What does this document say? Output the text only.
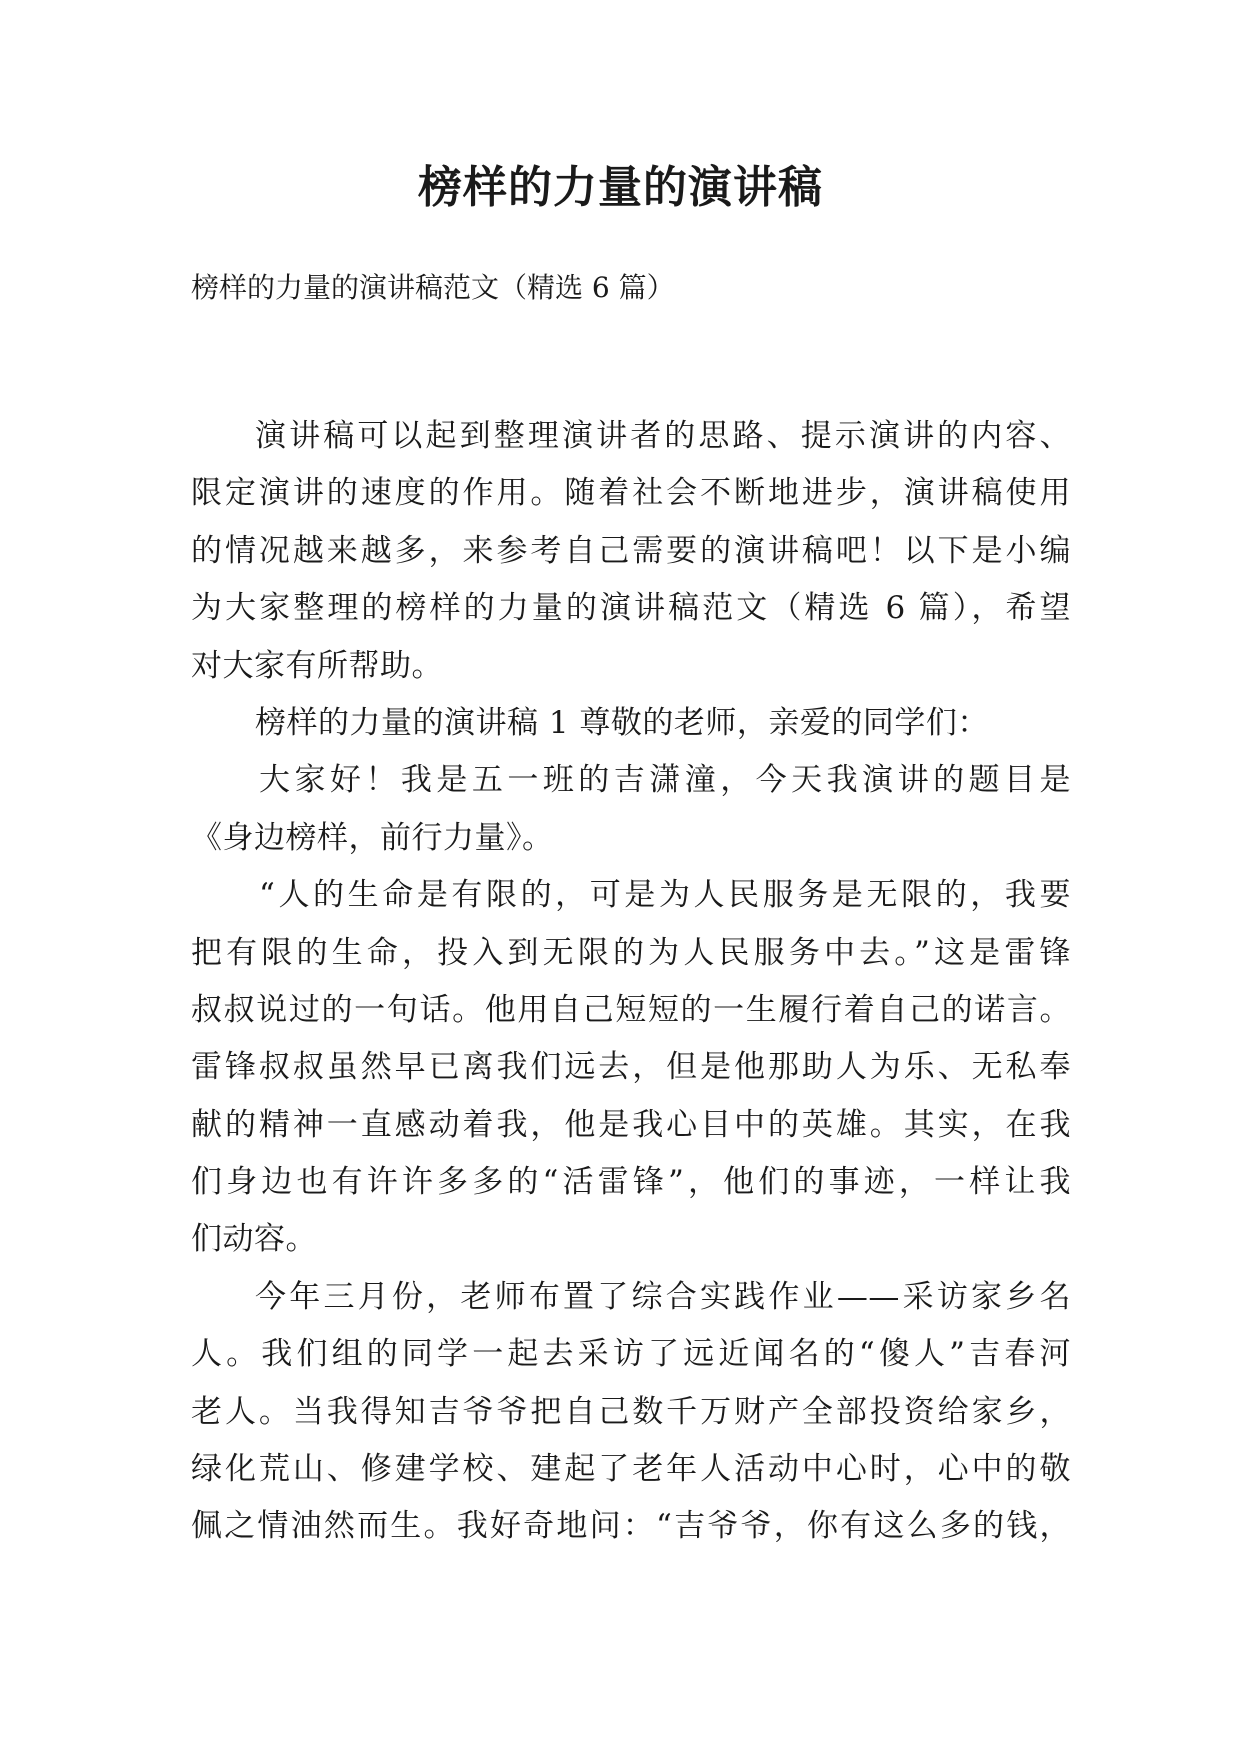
榜样的力量的演讲稿
榜样的力量的演讲稿范文（精选 6 篇）
演讲稿可以起到整理演讲者的思路、提示演讲的内容、
限定演讲的速度的作用。随着社会不断地进步，演讲稿使用
的情况越来越多，来参考自己需要的演讲稿吧！以下是小编
为大家整理的榜样的力量的演讲稿范文（精选 6 篇），希望
对大家有所帮助。
榜样的力量的演讲稿 1 尊敬的老师，亲爱的同学们：
大家好！我是五一班的吉潇潼，今天我演讲的题目是
《身边榜样，前行力量》。
“人的生命是有限的，可是为人民服务是无限的，我要
把有限的生命，投入到无限的为人民服务中去。”这是雷锋
叔叔说过的一句话。他用自己短短的一生履行着自己的诺言。
雷锋叔叔虽然早已离我们远去，但是他那助人为乐、无私奉
献的精神一直感动着我，他是我心目中的英雄。其实，在我
们身边也有许许多多的“活雷锋”，他们的事迹，一样让我
们动容。
今年三月份，老师布置了综合实践作业——采访家乡名
人。我们组的同学一起去采访了远近闻名的“傻人”吉春河
老人。当我得知吉爷爷把自己数千万财产全部投资给家乡，
绿化荒山、修建学校、建起了老年人活动中心时，心中的敬
佩之情油然而生。我好奇地问：“吉爷爷，你有这么多的钱，
